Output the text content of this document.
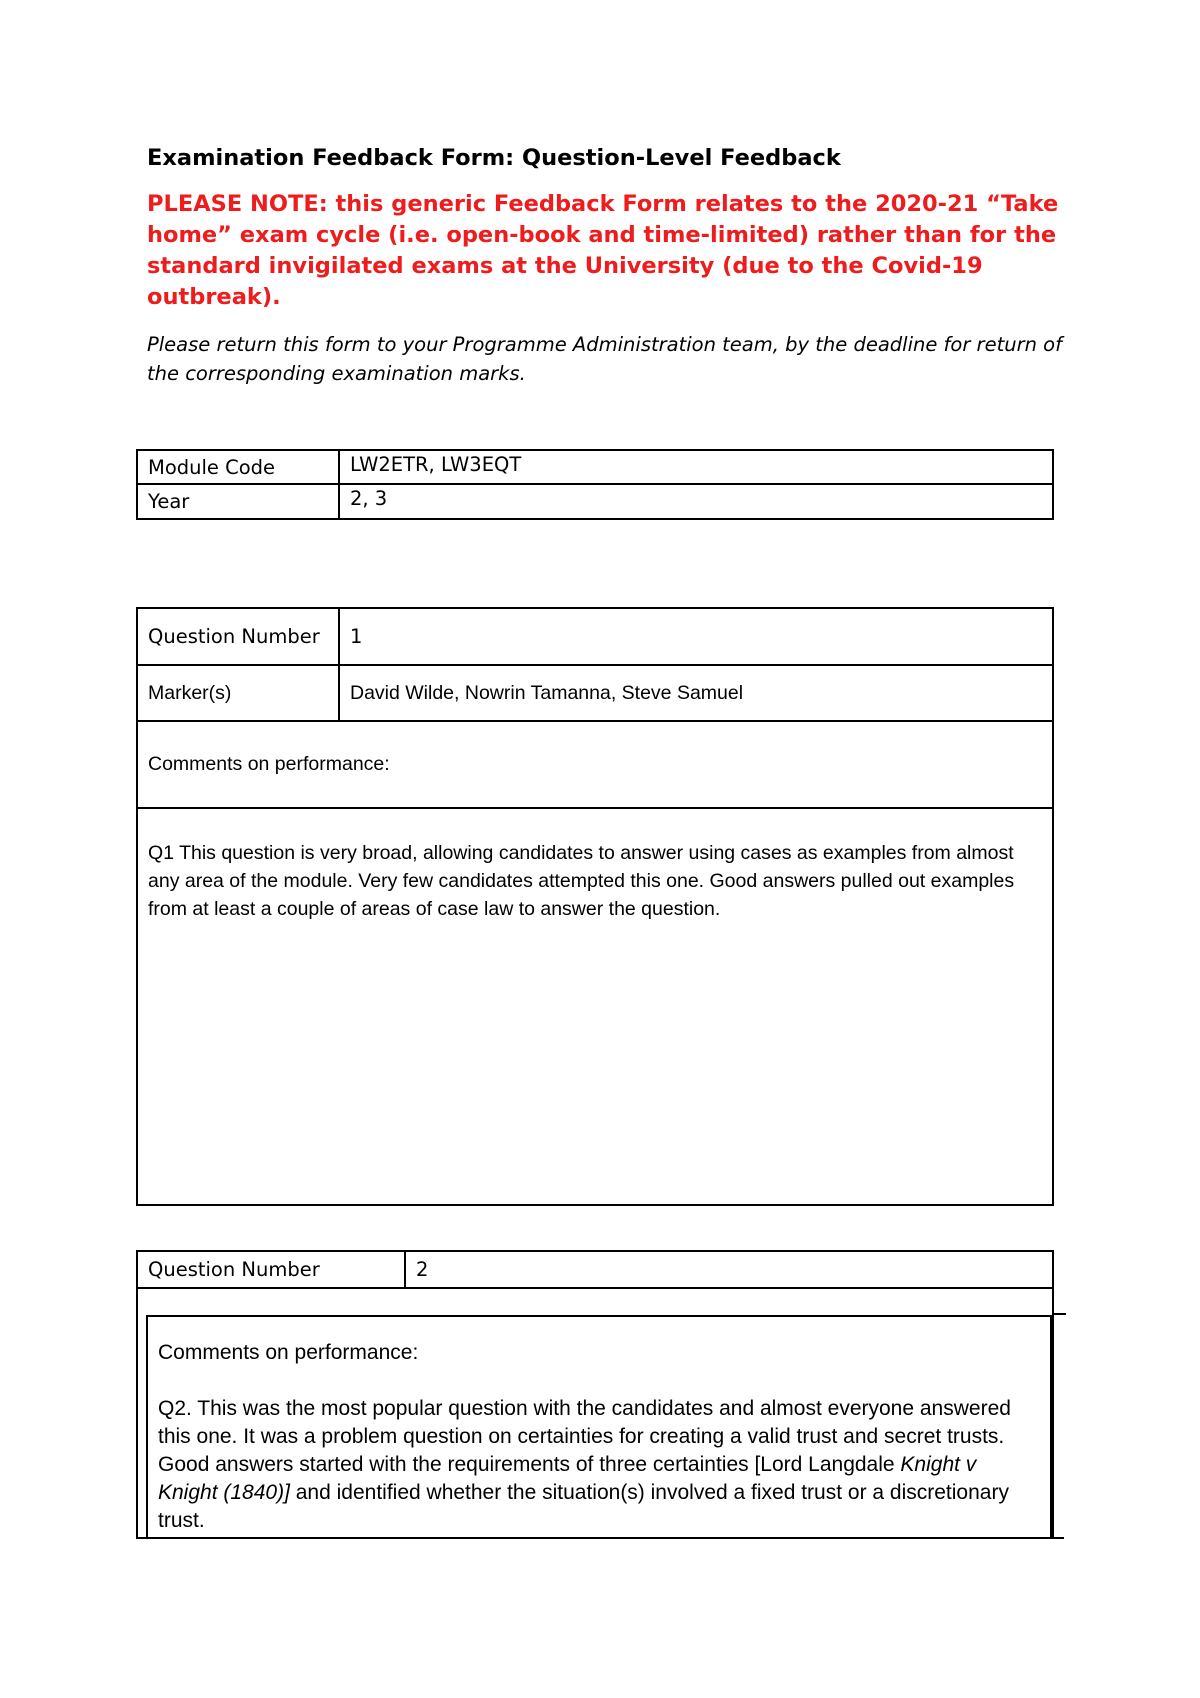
Examination Feedback Form: Question-Level Feedback

PLEASE NOTE: this generic Feedback Form relates to the 2020-21 “Take home” exam cycle (i.e. open-book and time-limited) rather than for the standard invigilated exams at the University (due to the Covid-19 outbreak).

Please return this form to your Programme Administration team, by the deadline for return of the corresponding examination marks.

Module Code	LW2ETR, LW3EQT
Year	2, 3
Question Number	1
Marker(s)	David Wilde, Nowrin Tamanna, Steve Samuel
Comments on performance:	
Q1 This question is very broad, allowing candidates to answer using cases as examples from almost any area of the module. Very few candidates attempted this one. Good answers pulled out examples from at least a couple of areas of case law to answer the question.	
Question Number	2

Comments on performance:

Q2. This was the most popular question with the candidates and almost everyone answered this one. It was a problem question on certainties for creating a valid trust and secret trusts. Good answers started with the requirements of three certainties [Lord Langdale Knight v Knight (1840)] and identified whether the situation(s) involved a fixed trust or a discretionary trust.
